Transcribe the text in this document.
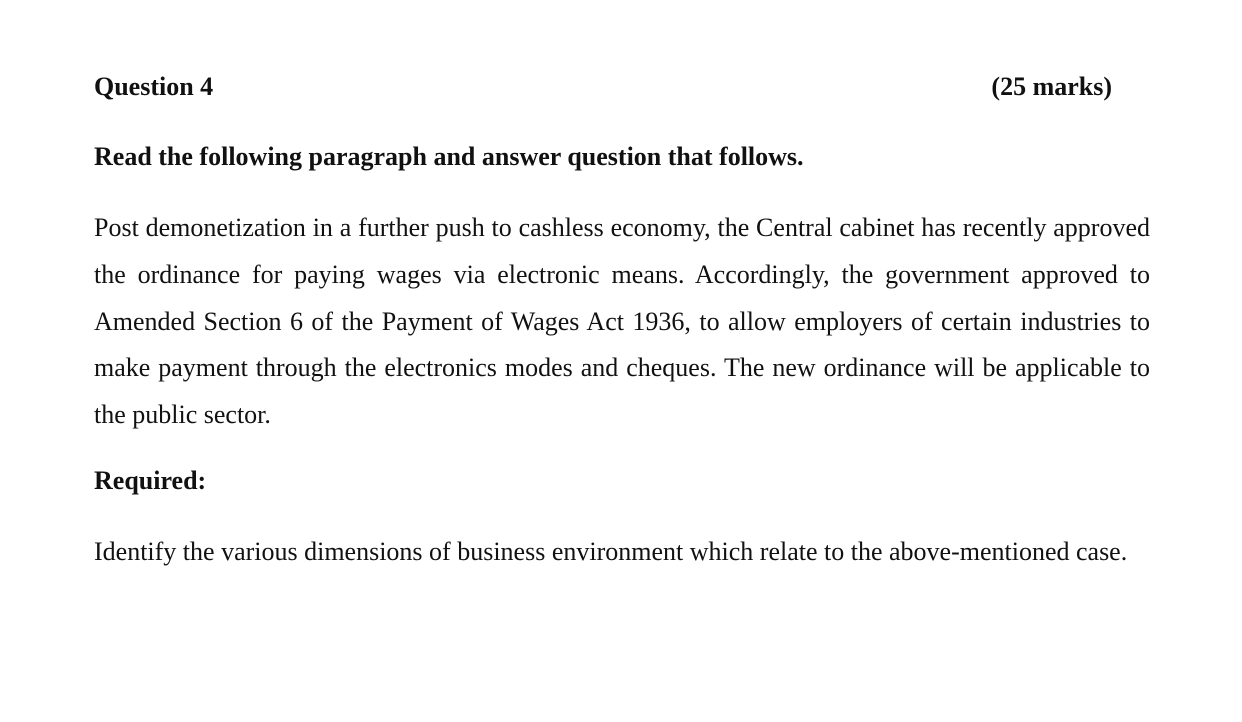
Question 4	(25 marks)

Read the following paragraph and answer question that follows.

Post demonetization in a further push to cashless economy, the Central cabinet has recently approved the ordinance for paying wages via electronic means. Accordingly, the government approved to Amended Section 6 of the Payment of Wages Act 1936, to allow employers of certain industries to make payment through the electronics modes and cheques. The new ordinance will be applicable to the public sector.

Required:

Identify the various dimensions of business environment which relate to the above-mentioned case.
